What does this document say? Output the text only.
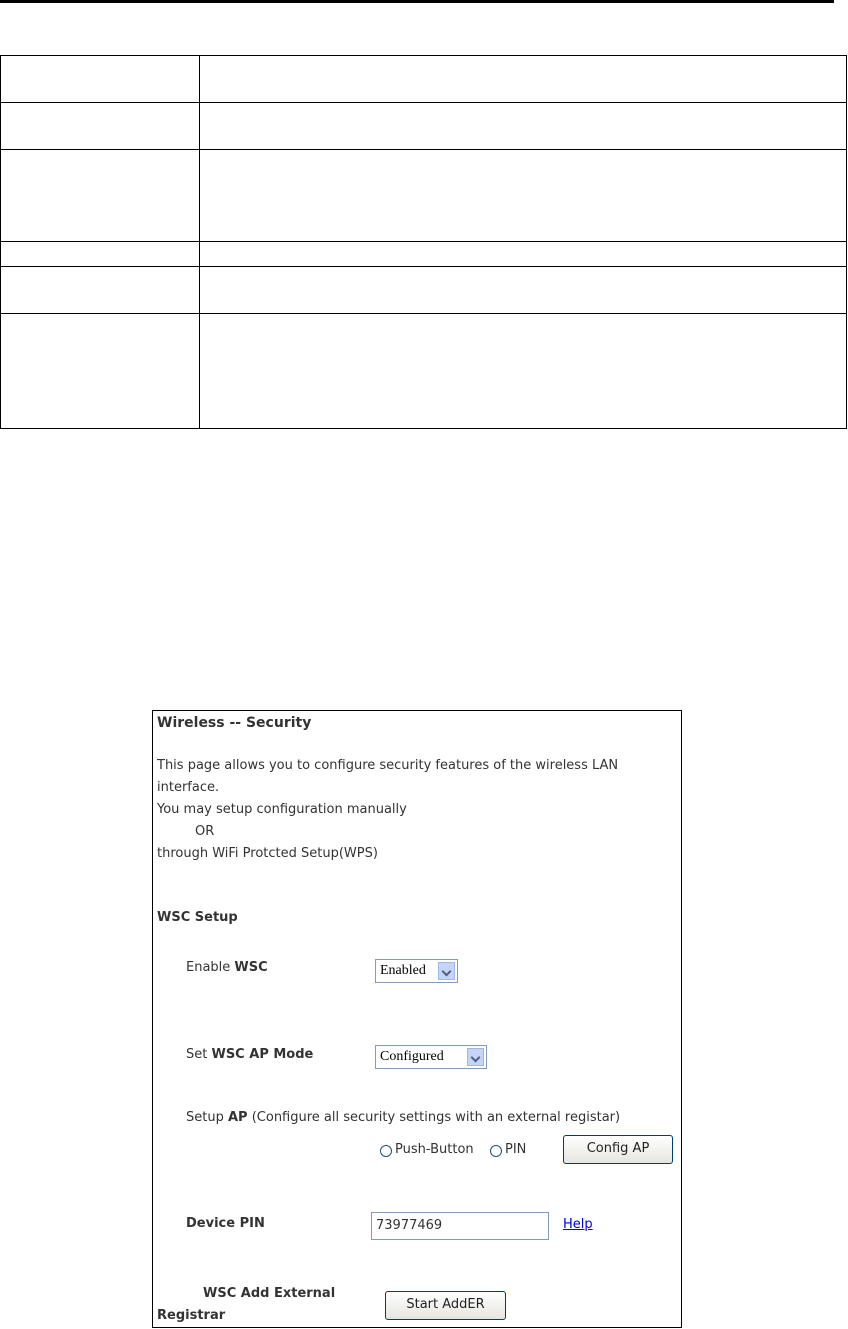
Wireless -- Security
This page allows you to configure security features of the wireless LAN
interface.
You may setup configuration manually
OR
through WiFi Protcted Setup(WPS)
WSC Setup
Enable WSC	Enabled
Set WSC AP Mode	Configured
Setup AP (Configure all security settings with an external registar)
Push-Button PIN	Config AP
Device PIN	73977469	Help
WSC Add External
Registrar
Start AddER
